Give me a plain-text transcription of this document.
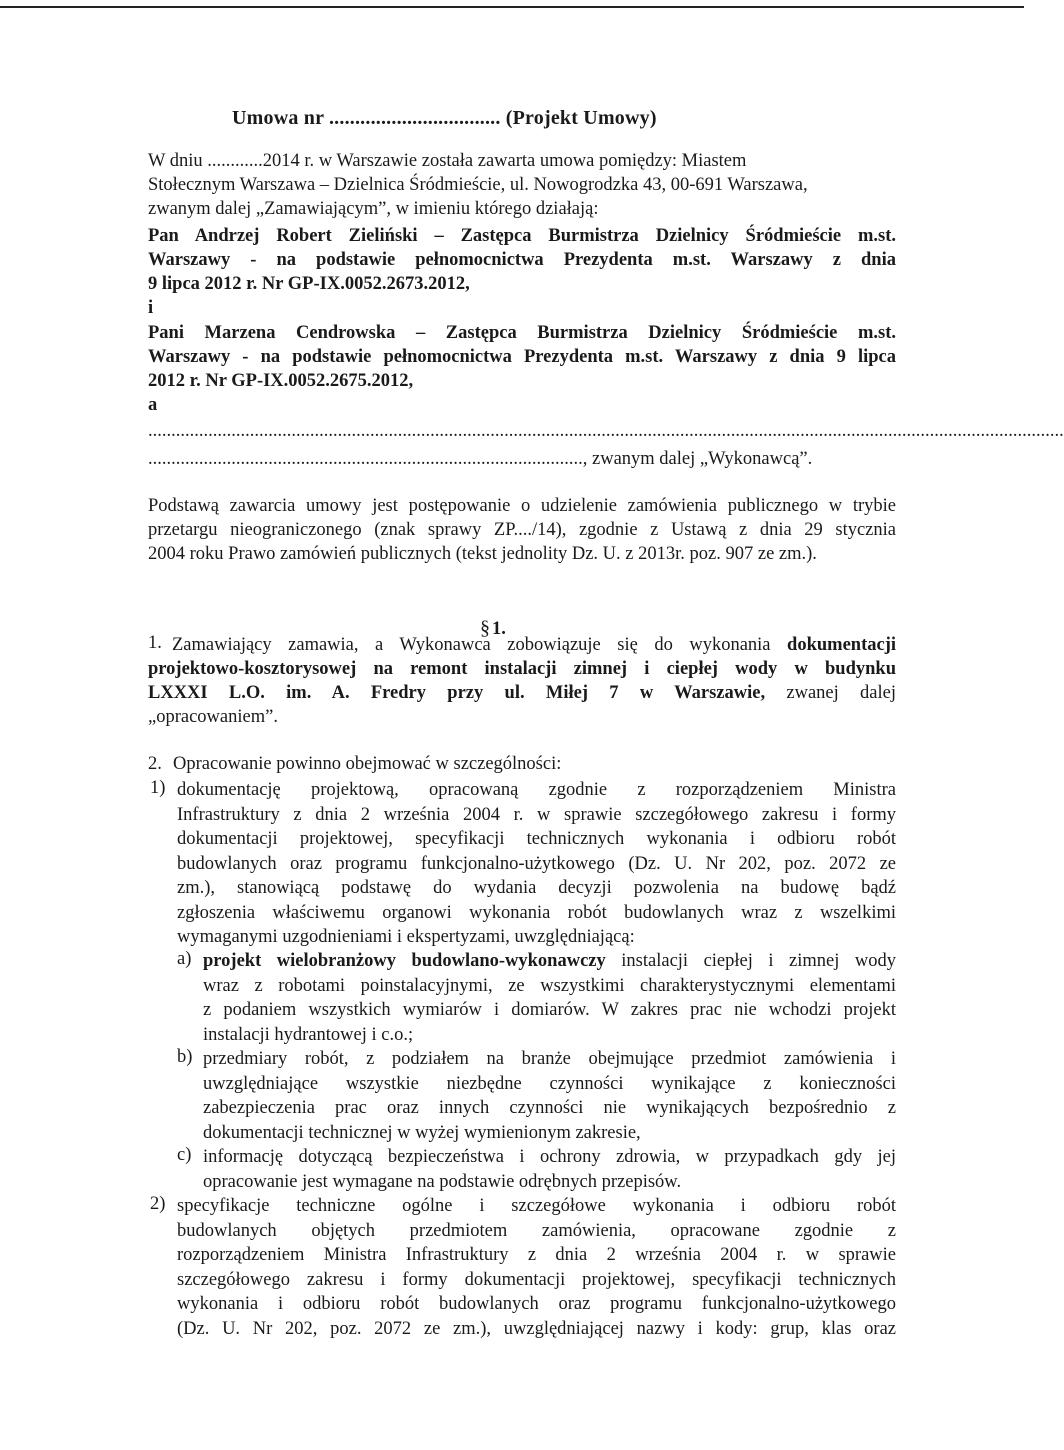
Umowa nr ................................. (Projekt Umowy)
W dniu ............2014 r. w Warszawie została zawarta umowa pomiędzy: Miastem
Stołecznym Warszawa – Dzielnica Śródmieście, ul. Nowogrodzka 43, 00-691 Warszawa,
zwanym dalej „Zamawiającym”, w imieniu którego działają:
Pan Andrzej Robert Zieliński – Zastępca Burmistrza Dzielnicy Śródmieście m.st.
Warszawy - na podstawie pełnomocnictwa Prezydenta m.st. Warszawy z dnia
9 lipca 2012 r. Nr GP-IX.0052.2673.2012,
i
Pani Marzena Cendrowska – Zastępca Burmistrza Dzielnicy Śródmieście m.st.
Warszawy - na podstawie pełnomocnictwa Prezydenta m.st. Warszawy z dnia 9 lipca
2012 r. Nr GP-IX.0052.2675.2012,
a
......................................................................................................................................................................................................
.............................................................................................., zwanym dalej „Wykonawcą”.
Podstawą zawarcia umowy jest postępowanie o udzielenie zamówienia publicznego w trybie
przetargu nieograniczonego (znak sprawy ZP..../14), zgodnie z Ustawą z dnia 29 stycznia
2004 roku Prawo zamówień publicznych (tekst jednolity Dz. U. z 2013r. poz. 907 ze zm.).
§ 1.
1. Zamawiający zamawia, a Wykonawca zobowiązuje się do wykonania dokumentacji
projektowo-kosztorysowej na remont instalacji zimnej i ciepłej wody w budynku
LXXXI L.O. im. A. Fredry przy ul. Miłej 7 w Warszawie, zwanej dalej
„opracowaniem”.
2. Opracowanie powinno obejmować w szczególności:
1) dokumentację projektową, opracowaną zgodnie z rozporządzeniem Ministra
Infrastruktury z dnia 2 września 2004 r. w sprawie szczegółowego zakresu i formy
dokumentacji projektowej, specyfikacji technicznych wykonania i odbioru robót
budowlanych oraz programu funkcjonalno-użytkowego (Dz. U. Nr 202, poz. 2072 ze
zm.), stanowiącą podstawę do wydania decyzji pozwolenia na budowę bądź
zgłoszenia właściwemu organowi wykonania robót budowlanych wraz z wszelkimi
wymaganymi uzgodnieniami i ekspertyzami, uwzględniającą:
a) projekt wielobranżowy budowlano-wykonawczy instalacji ciepłej i zimnej wody
wraz z robotami poinstalacyjnymi, ze wszystkimi charakterystycznymi elementami
z podaniem wszystkich wymiarów i domiarów. W zakres prac nie wchodzi projekt
instalacji hydrantowej i c.o.;
b) przedmiary robót, z podziałem na branże obejmujące przedmiot zamówienia i
uwzględniające wszystkie niezbędne czynności wynikające z konieczności
zabezpieczenia prac oraz innych czynności nie wynikających bezpośrednio z
dokumentacji technicznej w wyżej wymienionym zakresie,
c) informację dotyczącą bezpieczeństwa i ochrony zdrowia, w przypadkach gdy jej
opracowanie jest wymagane na podstawie odrębnych przepisów.
2) specyfikacje techniczne ogólne i szczegółowe wykonania i odbioru robót
budowlanych objętych przedmiotem zamówienia, opracowane zgodnie z
rozporządzeniem Ministra Infrastruktury z dnia 2 września 2004 r. w sprawie
szczegółowego zakresu i formy dokumentacji projektowej, specyfikacji technicznych
wykonania i odbioru robót budowlanych oraz programu funkcjonalno-użytkowego
(Dz. U. Nr 202, poz. 2072 ze zm.), uwzględniającej nazwy i kody: grup, klas oraz
